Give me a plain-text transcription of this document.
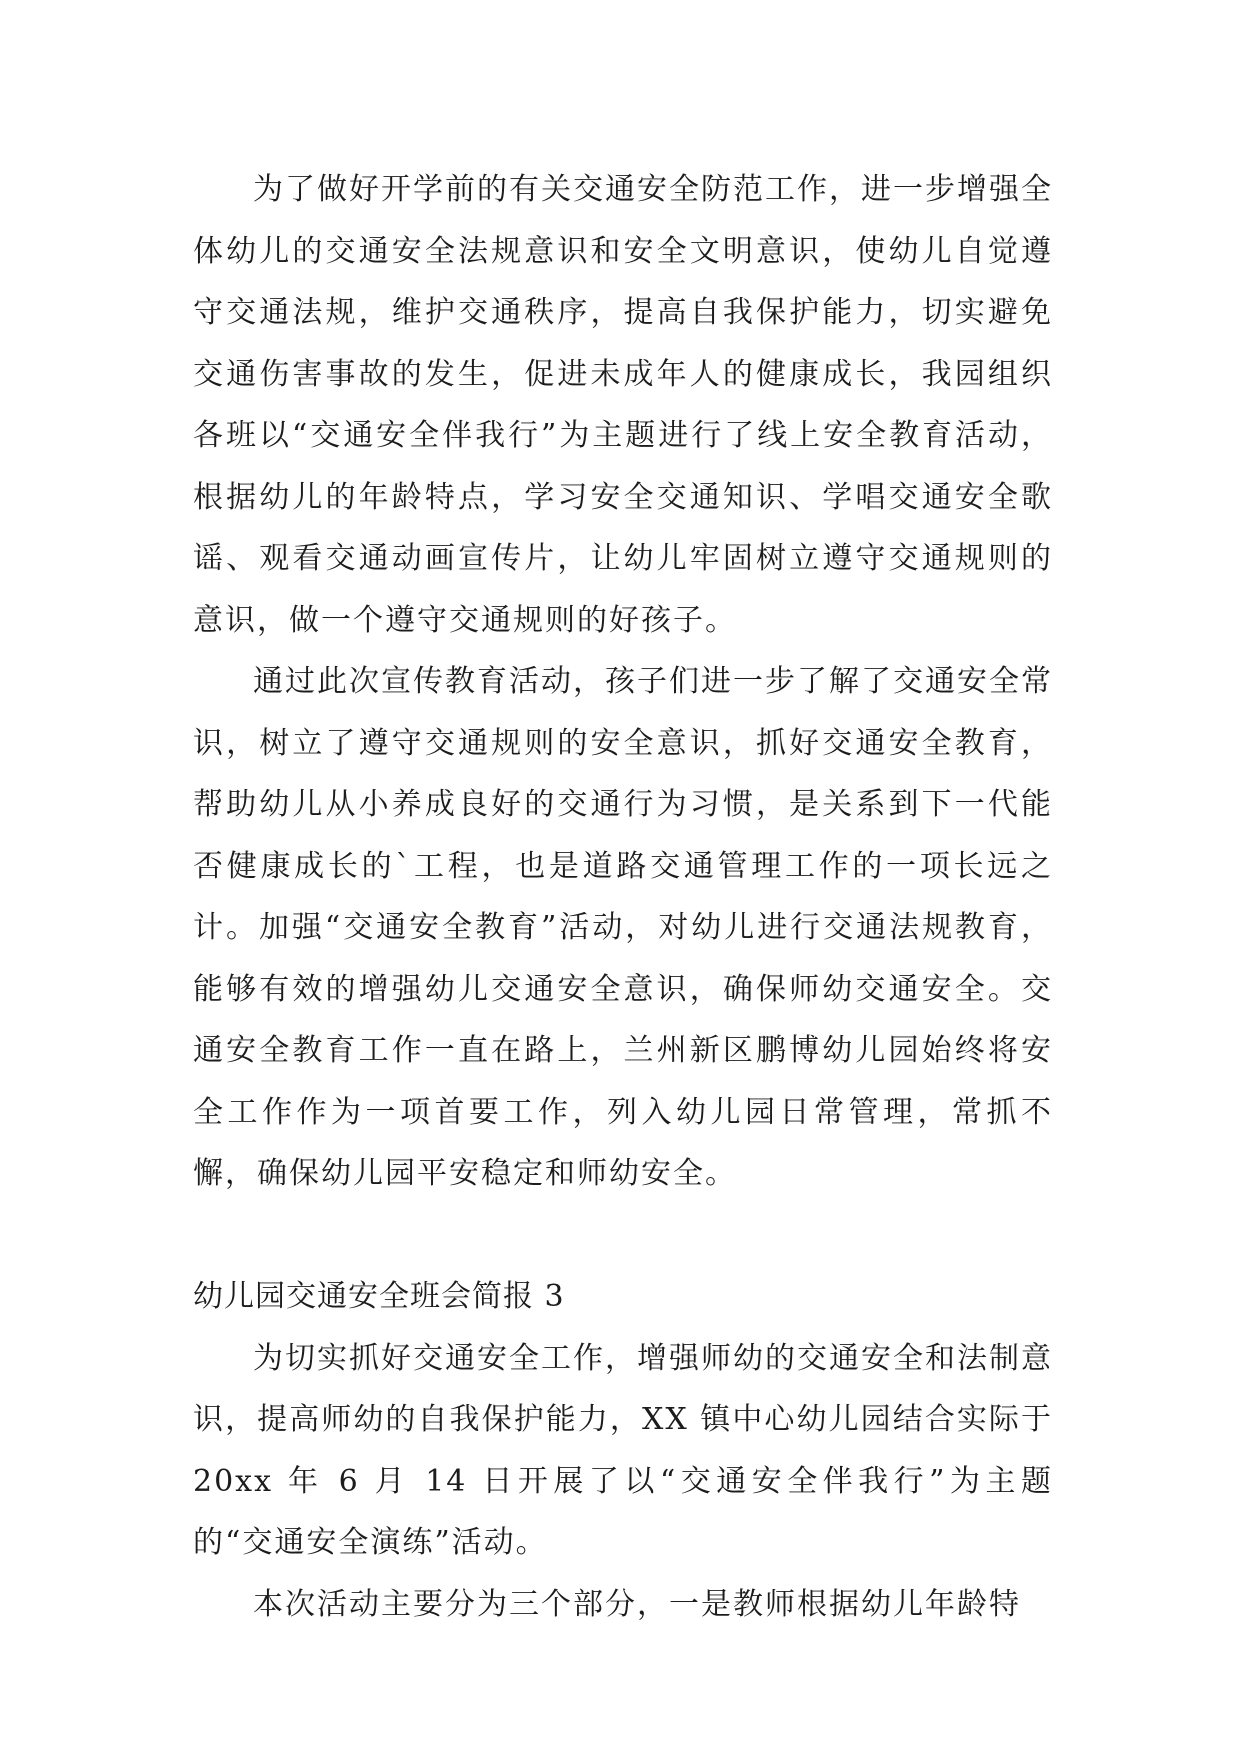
为了做好开学前的有关交通安全防范工作，进一步增强全体幼儿的交通安全法规意识和安全文明意识，使幼儿自觉遵守交通法规，维护交通秩序，提高自我保护能力，切实避免交通伤害事故的发生，促进未成年人的健康成长，我园组织各班以“交通安全伴我行”为主题进行了线上安全教育活动，根据幼儿的年龄特点，学习安全交通知识、学唱交通安全歌谣、观看交通动画宣传片，让幼儿牢固树立遵守交通规则的意识，做一个遵守交通规则的好孩子。

通过此次宣传教育活动，孩子们进一步了解了交通安全常识，树立了遵守交通规则的安全意识，抓好交通安全教育，帮助幼儿从小养成良好的交通行为习惯，是关系到下一代能否健康成长的`工程，也是道路交通管理工作的一项长远之计。加强“交通安全教育”活动，对幼儿进行交通法规教育，能够有效的增强幼儿交通安全意识，确保师幼交通安全。交通安全教育工作一直在路上，兰州新区鹏博幼儿园始终将安全工作作为一项首要工作，列入幼儿园日常管理，常抓不懈，确保幼儿园平安稳定和师幼安全。

幼儿园交通安全班会简报 3

为切实抓好交通安全工作，增强师幼的交通安全和法制意识，提高师幼的自我保护能力，XX 镇中心幼儿园结合实际于 20xx 年 6 月 14 日开展了以“交通安全伴我行”为主题的“交通安全演练”活动。

本次活动主要分为三个部分，一是教师根据幼儿年龄特
